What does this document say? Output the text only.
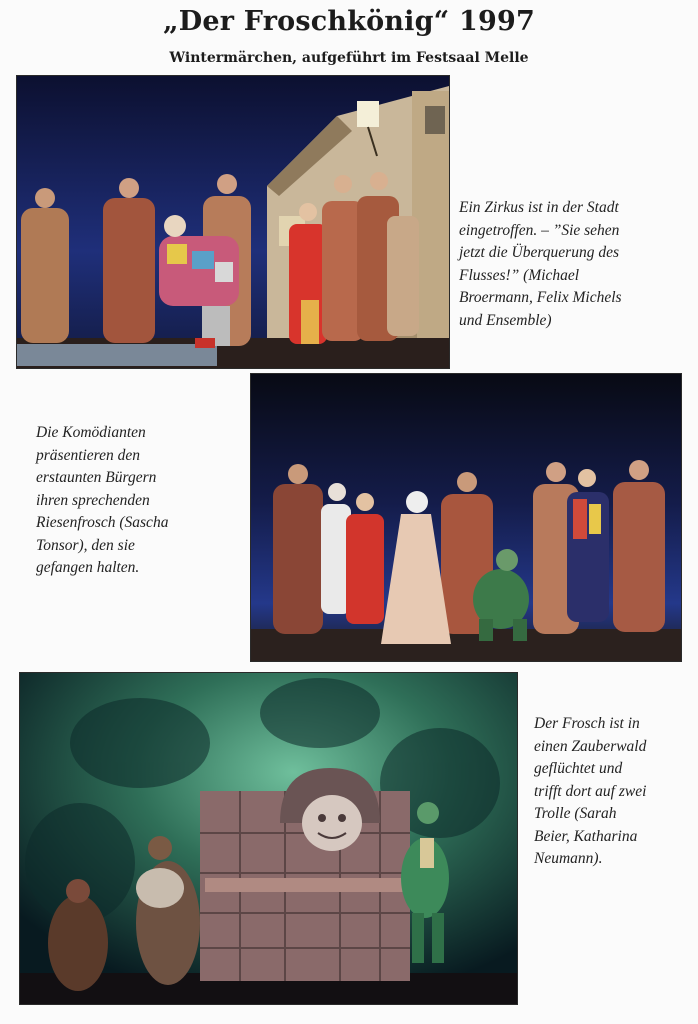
„Der Froschkönig“ 1997
Wintermärchen, aufgeführt im Festsaal Melle
Ein Zirkus ist in der Stadt
eingetroffen. – ”Sie sehen
jetzt die Überquerung des
Flusses!” (Michael
Broermann, Felix Michels
und Ensemble)
Die Komödianten
präsentieren den
erstaunten Bürgern
ihren sprechenden
Riesenfrosch (Sascha
Tonsor), den sie
gefangen halten.
Der Frosch ist in
einen Zauberwald
geflüchtet und
trifft dort auf zwei
Trolle (Sarah
Beier, Katharina
Neumann).
